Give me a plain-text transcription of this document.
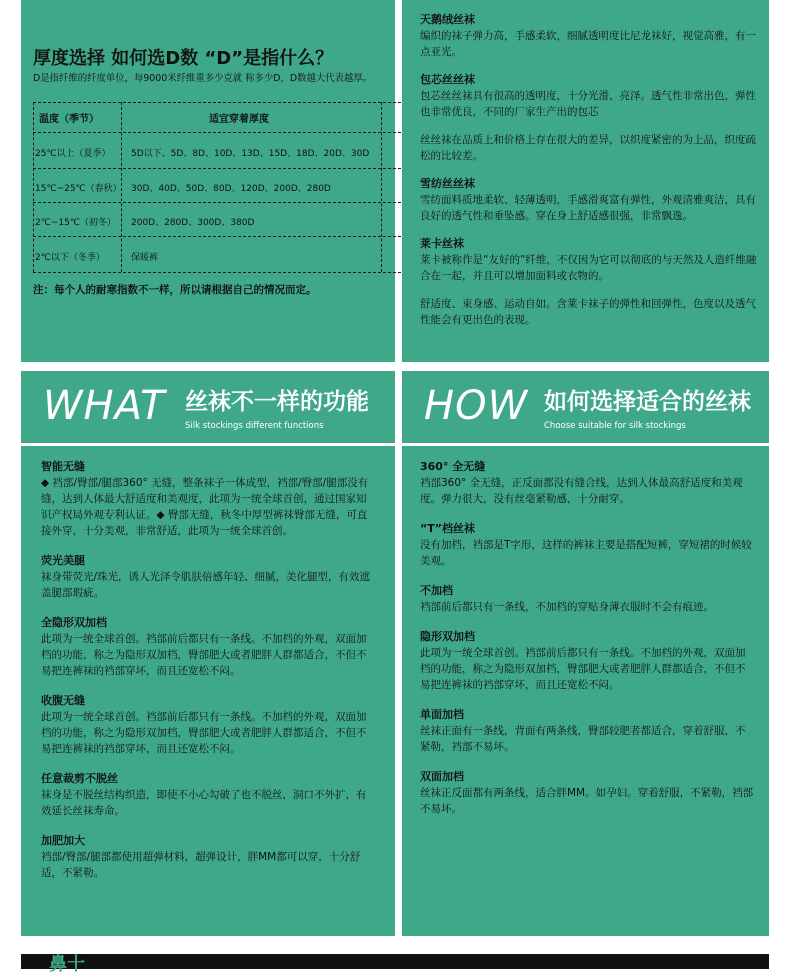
厚度选择 如何选D数 “D”是指什么？
D是指纤维的纤度单位，每9000米纤维重多少克就 称多少D，D数越大代表越厚。
温度（季节）	适宜穿着厚度
25℃以上（夏季） 5D以下、5D、8D、10D、13D、15D、18D、20D、30D
15℃~25℃（春秋） 30D、40D、50D、80D、120D、200D、280D
2℃~15℃（初冬） 200D、280D、300D、380D
2℃以下（冬季）	保暖裤
注：每个人的耐寒指数不一样，所以请根据自己的情况而定。
天鹅绒丝袜

编织的袜子弹力高，手感柔软，细腻透明度比尼龙袜好，视觉高雅，有一点亚光。

包芯丝丝袜

包芯丝丝袜具有很高的透明度，十分光滑、亮泽。透气性非常出色，弹性也非常优良，不同的厂家生产出的包芯

丝丝袜在品质上和价格上存在很大的差异，以织度紧密的为上品，织度疏松的比较差。

雪纺丝丝袜

雪纺面料质地柔软、轻薄透明，手感滑爽富有弹性，外观清雅爽洁，具有良好的透气性和垂坠感。穿在身上舒适感很强，非常飘逸。

莱卡丝袜

莱卡被称作是“友好的”纤维，不仅因为它可以彻底的与天然及人造纤维融合在一起，并且可以增加面料或衣物的。

舒适度、束身感、运动自如。含莱卡袜子的弹性和回弹性，色度以及透气性能会有更出色的表现。

WHAT 丝袜不一样的功能
Silk stockings different functions
智能无缝

◆ 裆部/臀部/腿部360° 无缝，整条袜子一体成型，裆部/臀部/腿部没有缝，达到人体最大舒适度和美观度，此项为一统全球首创，通过国家知识产权局外观专利认证。◆ 臀部无缝，秋冬中厚型裤袜臀部无缝，可直接外穿，十分美观，非常舒适，此项为一统全球首创。

荧光美腿

袜身带荧光/珠光，诱人光泽令肌肤倍感年轻、细腻，美化腿型，有效遮盖腿部瑕疵。

全隐形双加档

此项为一统全球首创。裆部前后都只有一条线。不加档的外观，双面加档的功能，称之为隐形双加档，臀部肥大或者肥胖人群都适合，不但不易把连裤袜的裆部穿坏，而且还宽松不闷。

收腹无缝

此项为一统全球首创。裆部前后都只有一条线。不加档的外观，双面加档的功能，称之为隐形双加档，臀部肥大或者肥胖人群都适合，不但不易把连裤袜的裆部穿坏，而且还宽松不闷。

任意裁剪不脱丝

袜身是不脱丝结构织造，即使不小心勾破了也不脱丝，洞口不外扩，有效延长丝袜寿命。

加肥加大

裆部/臀部/腿部都使用超弹材料，超弹设计，胖MM都可以穿，十分舒适，不紧勒。

HOW 如何选择适合的丝袜
Choose suitable for silk stockings
360° 全无缝

裆部360° 全无缝，正反面都没有缝合线，达到人体最高舒适度和美观度。弹力很大，没有丝毫紧勒感，十分耐穿。

“T”档丝袜

没有加档，裆部是T字形，这样的裤袜主要是搭配短裤，穿短裙的时候较美观。

不加档

裆部前后都只有一条线，不加档的穿贴身薄衣服时不会有痕迹。

隐形双加档

此项为一统全球首创。裆部前后都只有一条线。不加档的外观，双面加档的功能，称之为隐形双加档，臀部肥大或者肥胖人群都适合，不但不易把连裤袜的裆部穿坏，而且还宽松不闷。

单面加档

丝袜正面有一条线，背面有两条线，臀部较肥者都适合，穿着舒服，不紧勒，裆部不易坏。

双面加档

丝袜正反面都有两条线，适合胖MM。如孕妇。穿着舒服，不紧勒，裆部不易坏。

鼻十
